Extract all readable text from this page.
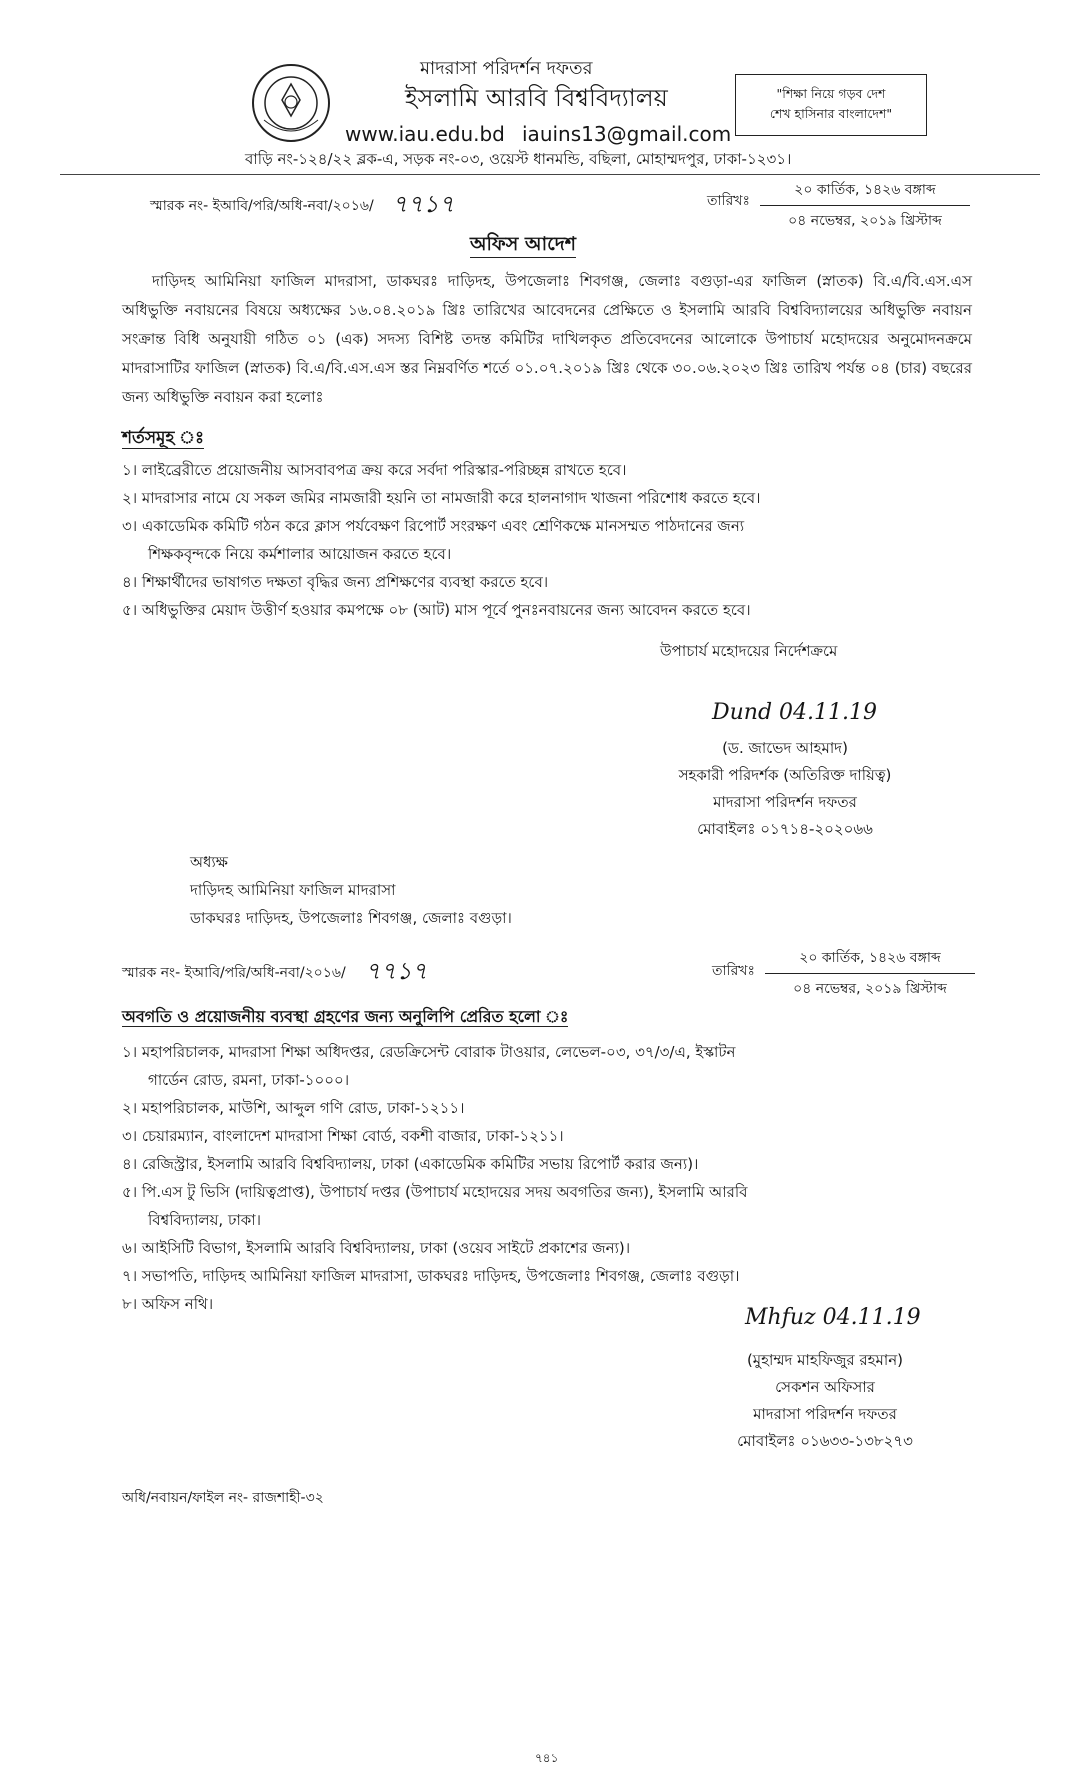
মাদরাসা পরিদর্শন দফতর
ইসলামি আরবি বিশ্ববিদ্যালয়
www.iau.edu.bd iauins13@gmail.com
বাড়ি নং-১২৪/২২ ব্লক-এ, সড়ক নং-০৩, ওয়েস্ট ধানমন্ডি, বছিলা, মোহাম্মদপুর, ঢাকা-১২৩১।
"শিক্ষা নিয়ে গড়ব দেশ
শেখ হাসিনার বাংলাদেশ"
স্মারক নং- ইআবি/পরি/অধি-নবা/২০১৬/ ৭৭১৭	তারিখঃ
২০ কার্তিক, ১৪২৬ বঙ্গাব্দ
০৪ নভেম্বর, ২০১৯ খ্রিস্টাব্দ
অফিস আদেশ
দাড়িদহ আমিনিয়া ফাজিল মাদরাসা, ডাকঘরঃ দাড়িদহ, উপজেলাঃ শিবগঞ্জ, জেলাঃ বগুড়া-এর ফাজিল (স্নাতক) বি.এ/বি.এস.এস অধিভুক্তি নবায়নের বিষয়ে অধ্যক্ষের ১৬.০৪.২০১৯ খ্রিঃ তারিখের আবেদনের প্রেক্ষিতে ও ইসলামি আরবি বিশ্ববিদ্যালয়ের অধিভুক্তি নবায়ন সংক্রান্ত বিধি অনুযায়ী গঠিত ০১ (এক) সদস্য বিশিষ্ট তদন্ত কমিটির দাখিলকৃত প্রতিবেদনের আলোকে উপাচার্য মহোদয়ের অনুমোদনক্রমে মাদরাসাটির ফাজিল (স্নাতক) বি.এ/বি.এস.এস স্তর নিম্নবর্ণিত শর্তে ০১.০৭.২০১৯ খ্রিঃ থেকে ৩০.০৬.২০২৩ খ্রিঃ তারিখ পর্যন্ত ০৪ (চার) বছরের জন্য অধিভুক্তি নবায়ন করা হলোঃ
শর্তসমূহ ঃ
১। লাইব্রেরীতে প্রয়োজনীয় আসবাবপত্র ক্রয় করে সর্বদা পরিস্কার-পরিচ্ছন্ন রাখতে হবে।
২। মাদরাসার নামে যে সকল জমির নামজারী হয়নি তা নামজারী করে হালনাগাদ খাজনা পরিশোধ করতে হবে।
৩। একাডেমিক কমিটি গঠন করে ক্লাস পর্যবেক্ষণ রিপোর্ট সংরক্ষণ এবং শ্রেণিকক্ষে মানসম্মত পাঠদানের জন্য
শিক্ষকবৃন্দকে নিয়ে কর্মশালার আয়োজন করতে হবে।
৪। শিক্ষার্থীদের ভাষাগত দক্ষতা বৃদ্ধির জন্য প্রশিক্ষণের ব্যবস্থা করতে হবে।
৫। অধিভুক্তির মেয়াদ উত্তীর্ণ হওয়ার কমপক্ষে ০৮ (আট) মাস পূর্বে পুনঃনবায়নের জন্য আবেদন করতে হবে।
উপাচার্য মহোদয়ের নির্দেশক্রমে
Dund 04.11.19
(ড. জাভেদ আহমাদ)
সহকারী পরিদর্শক (অতিরিক্ত দায়িত্ব)
মাদরাসা পরিদর্শন দফতর
মোবাইলঃ ০১৭১৪-২০২০৬৬
অধ্যক্ষ
দাড়িদহ আমিনিয়া ফাজিল মাদরাসা
ডাকঘরঃ দাড়িদহ, উপজেলাঃ শিবগঞ্জ, জেলাঃ বগুড়া।
স্মারক নং- ইআবি/পরি/অধি-নবা/২০১৬/ ৭৭১৭	তারিখঃ
২০ কার্তিক, ১৪২৬ বঙ্গাব্দ
০৪ নভেম্বর, ২০১৯ খ্রিস্টাব্দ
অবগতি ও প্রয়োজনীয় ব্যবস্থা গ্রহণের জন্য অনুলিপি প্রেরিত হলো ঃ
১। মহাপরিচালক, মাদরাসা শিক্ষা অধিদপ্তর, রেডক্রিসেন্ট বোরাক টাওয়ার, লেভেল-০৩, ৩৭/৩/এ, ইস্কাটন
গার্ডেন রোড, রমনা, ঢাকা-১০০০।
২। মহাপরিচালক, মাউশি, আব্দুল গণি রোড, ঢাকা-১২১১।
৩। চেয়ারম্যান, বাংলাদেশ মাদরাসা শিক্ষা বোর্ড, বকশী বাজার, ঢাকা-১২১১।
৪। রেজিস্ট্রার, ইসলামি আরবি বিশ্ববিদ্যালয়, ঢাকা (একাডেমিক কমিটির সভায় রিপোর্ট করার জন্য)।
৫। পি.এস টু ভিসি (দায়িত্বপ্রাপ্ত), উপাচার্য দপ্তর (উপাচার্য মহোদয়ের সদয় অবগতির জন্য), ইসলামি আরবি
বিশ্ববিদ্যালয়, ঢাকা।
৬। আইসিটি বিভাগ, ইসলামি আরবি বিশ্ববিদ্যালয়, ঢাকা (ওয়েব সাইটে প্রকাশের জন্য)।
৭। সভাপতি, দাড়িদহ আমিনিয়া ফাজিল মাদরাসা, ডাকঘরঃ দাড়িদহ, উপজেলাঃ শিবগঞ্জ, জেলাঃ বগুড়া।
৮। অফিস নথি।
Mhfuz 04.11.19
(মুহাম্মদ মাহফিজুর রহমান)
সেকশন অফিসার
মাদরাসা পরিদর্শন দফতর
মোবাইলঃ ০১৬৩৩-১৩৮২৭৩
অধি/নবায়ন/ফাইল নং- রাজশাহী-৩২
৭৪১
